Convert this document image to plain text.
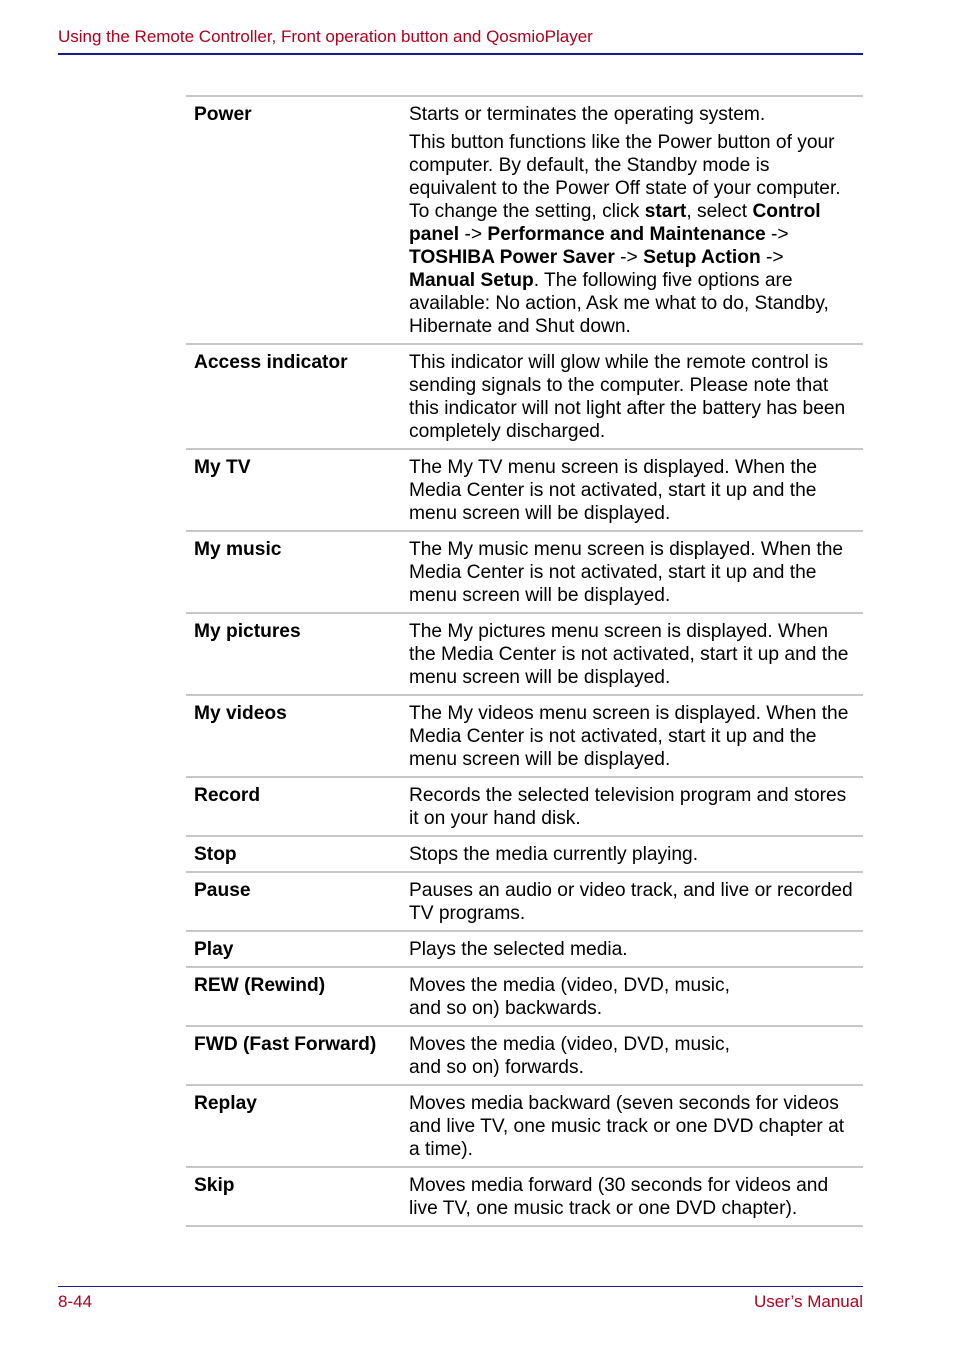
Using the Remote Controller, Front operation button and QosmioPlayer
Power	Starts or terminates the operating system.

This button functions like the Power button of your computer. By default, the Standby mode is equivalent to the Power Off state of your computer. To change the setting, click start, select Control panel -> Performance and Maintenance -> TOSHIBA Power Saver -> Setup Action -> Manual Setup. The following five options are available: No action, Ask me what to do, Standby, Hibernate and Shut down.

Access indicator	This indicator will glow while the remote control is sending signals to the computer. Please note that this indicator will not light after the battery has been completely discharged.

My TV	The My TV menu screen is displayed. When the Media Center is not activated, start it up and the menu screen will be displayed.

My music	The My music menu screen is displayed. When the Media Center is not activated, start it up and the menu screen will be displayed.

My pictures	The My pictures menu screen is displayed. When the Media Center is not activated, start it up and the menu screen will be displayed.

My videos	The My videos menu screen is displayed. When the Media Center is not activated, start it up and the menu screen will be displayed.

Record	Records the selected television program and stores it on your hand disk.

Stop	Stops the media currently playing.

Pause	Pauses an audio or video track, and live or recorded TV programs.

Play	Plays the selected media.

REW (Rewind)	Moves the media (video, DVD, music, and so on) backwards.

FWD (Fast Forward)	Moves the media (video, DVD, music, and so on) forwards.

Replay	Moves media backward (seven seconds for videos and live TV, one music track or one DVD chapter at a time).

Skip	Moves media forward (30 seconds for videos and live TV, one music track or one DVD chapter).

8-44	User’s Manual
